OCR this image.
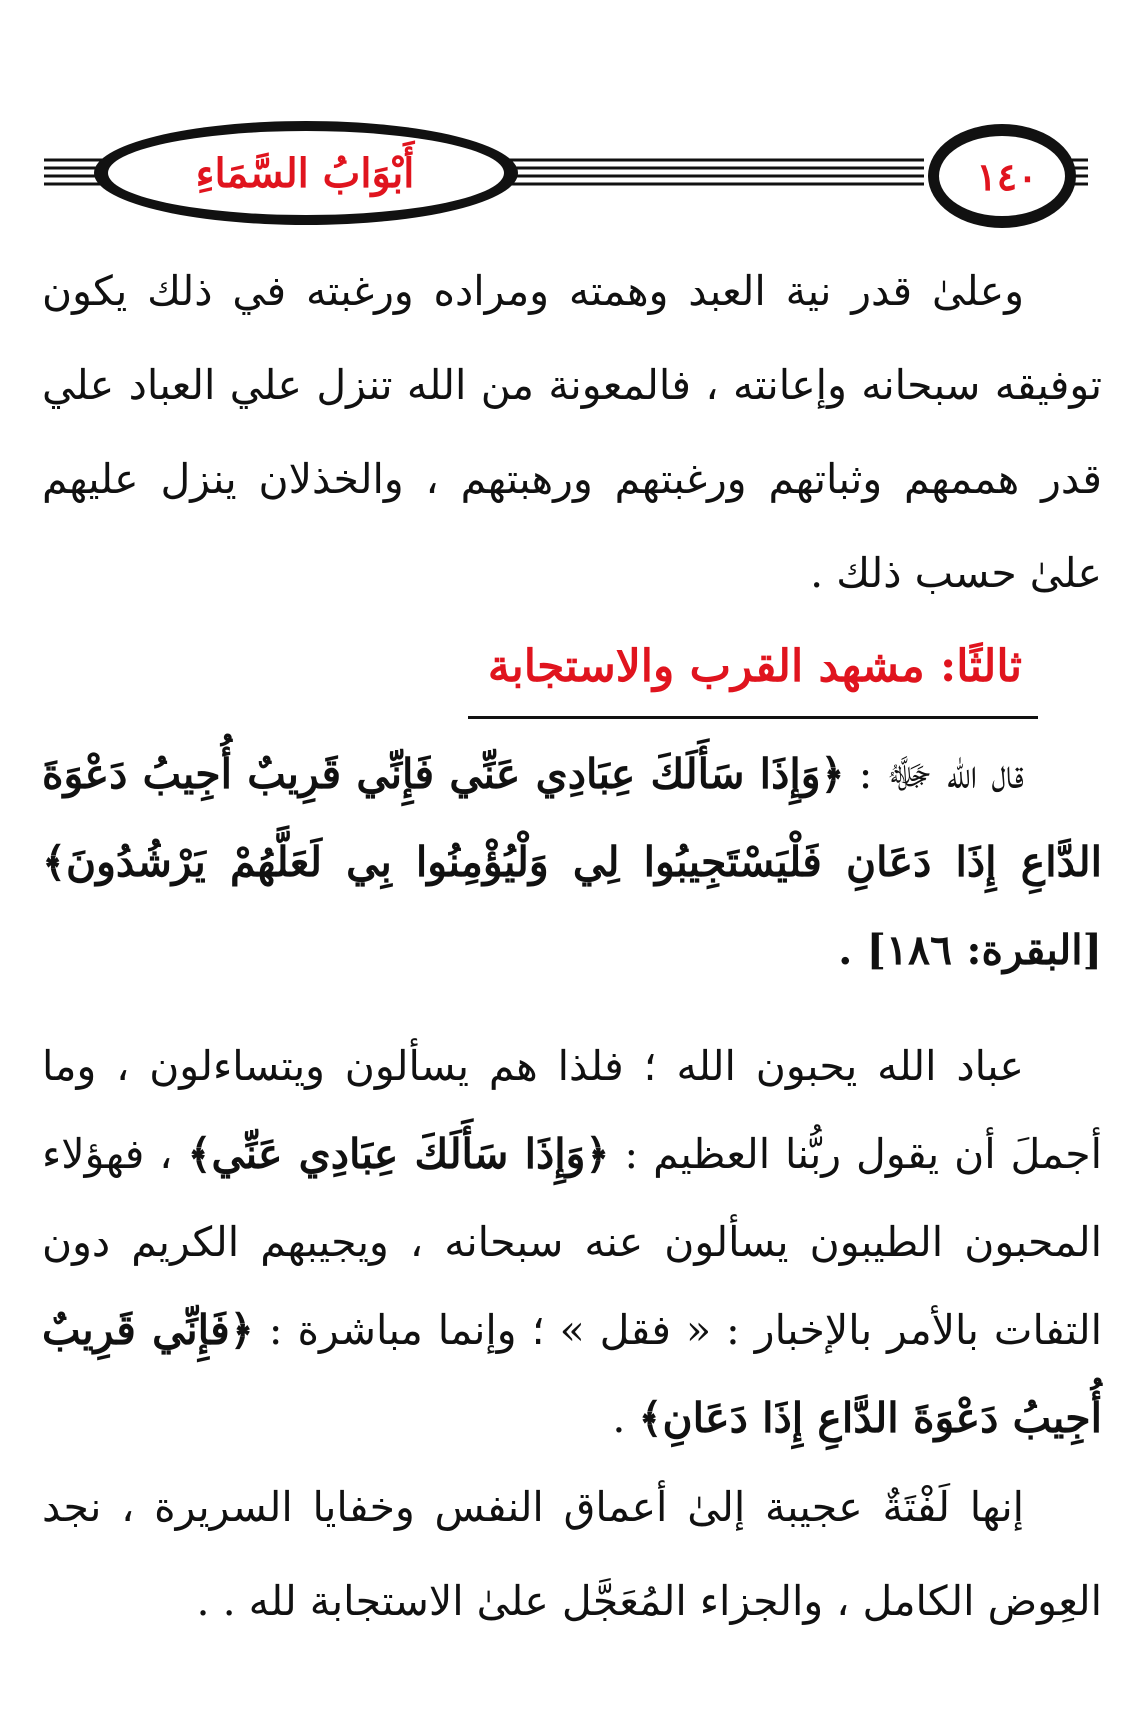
أَبْوَابُ السَّمَاءِ	١٤٠
وعلىٰ قدر نية العبد وهمته ومراده ورغبته في ذلك يكون توفيقه سبحانه وإعانته ، فالمعونة من الله تنزل علي العباد علي قدر هممهم وثباتهم ورغبتهم ورهبتهم ، والخذلان ينزل عليهم علىٰ حسب ذلك .
ثالثًا: مشهد القرب والاستجابة
قال الله ﷻ : ﴿وَإِذَا سَأَلَكَ عِبَادِي عَنِّي فَإِنِّي قَرِيبٌ أُجِيبُ دَعْوَةَ الدَّاعِ إِذَا دَعَانِ فَلْيَسْتَجِيبُوا لِي وَلْيُؤْمِنُوا بِي لَعَلَّهُمْ يَرْشُدُونَ﴾ [البقرة: ١٨٦] .
عباد الله يحبون الله ؛ فلذا هم يسألون ويتساءلون ، وما أجملَ أن يقول ربُّنا العظيم : ﴿وَإِذَا سَأَلَكَ عِبَادِي عَنِّي﴾ ، فهؤلاء المحبون الطيبون يسألون عنه سبحانه ، ويجيبهم الكريم دون التفات بالأمر بالإخبار : « فقل » ؛ وإنما مباشرة : ﴿فَإِنِّي قَرِيبٌ أُجِيبُ دَعْوَةَ الدَّاعِ إِذَا دَعَانِ﴾ .
إنها لَفْتَةٌ عجيبة إلىٰ أعماق النفس وخفايا السريرة ، نجد العِوض الكامل ، والجزاء المُعَجَّل علىٰ الاستجابة لله . .
